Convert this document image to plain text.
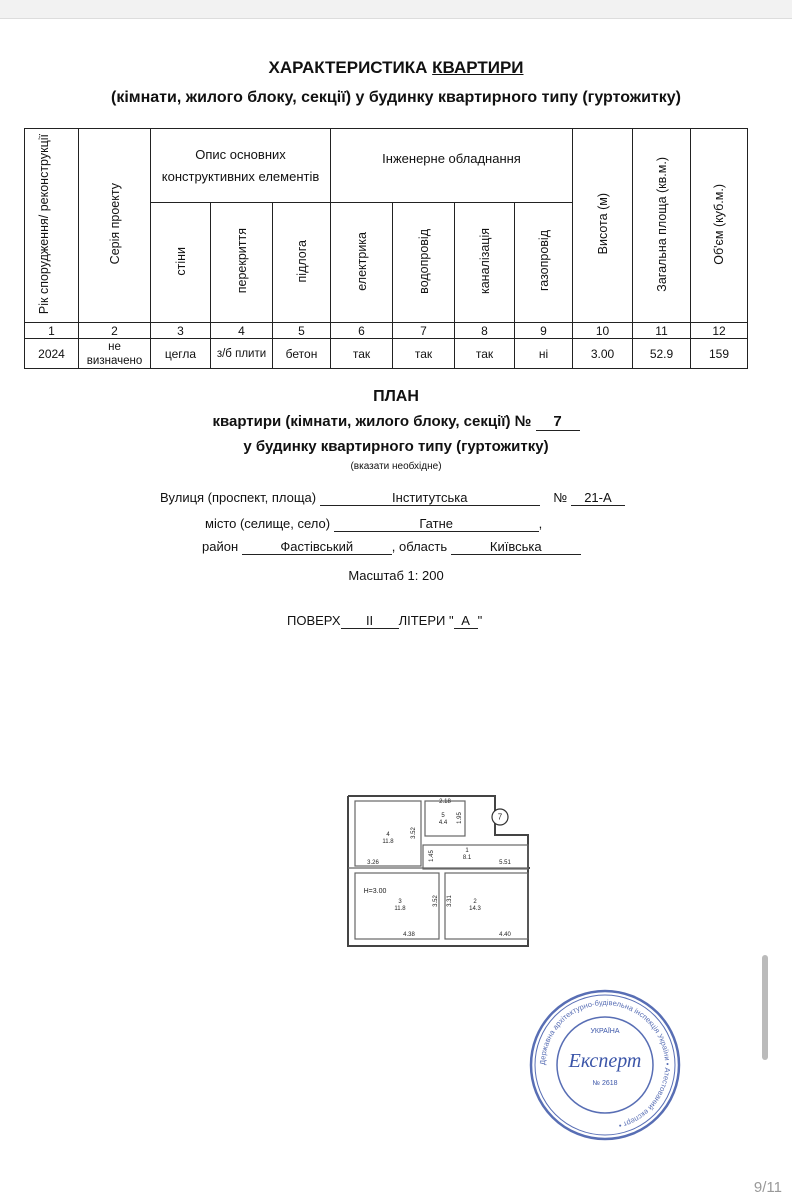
ХАРАКТЕРИСТИКА КВАРТИРИ
(кімнати, жилого блоку, секції) у будинку квартирного типу (гуртожитку)
Рік спорудження/ реконструкції	Серія проекту	Опис основних конструктивних елементів			Інженерне обладнання				Висота (м)	Загальна площа (кв.м.)	Об'єм (куб.м.)
		стіни	перекриття	підлога	електрика	водопровід	каналізація	газопровід			
1	2	3	4	5	6	7	8	9	10	11	12
2024	не визначено	цегла	з/б плити	бетон	так	так	так	ні	3.00	52.9	159
ПЛАН
квартири (кімнати, жилого блоку, секції) № 7
у будинку квартирного типу (гуртожитку)
(вказати необхідне)
Вулиця (проспект, площа)	Інститутська	№ 21-А
місто (селище, село)	Гатне	,
район	Фастівський	, область	Київська
Масштаб 1: 200
ПОВЕРХ II ЛІТЕРИ " А "
7
H=3.00
4
11.8
5
4.4
1
8.1
3
11.8
2
14.3
2.18
3.52
1.95
3.26
1.45
5.51
3.52 3.31
4.38	4.40
Державна архітектурно-будівельна інспекція України • Атестований експерт •
УКРАЇНА
Експерт
№ 2618
9/11
